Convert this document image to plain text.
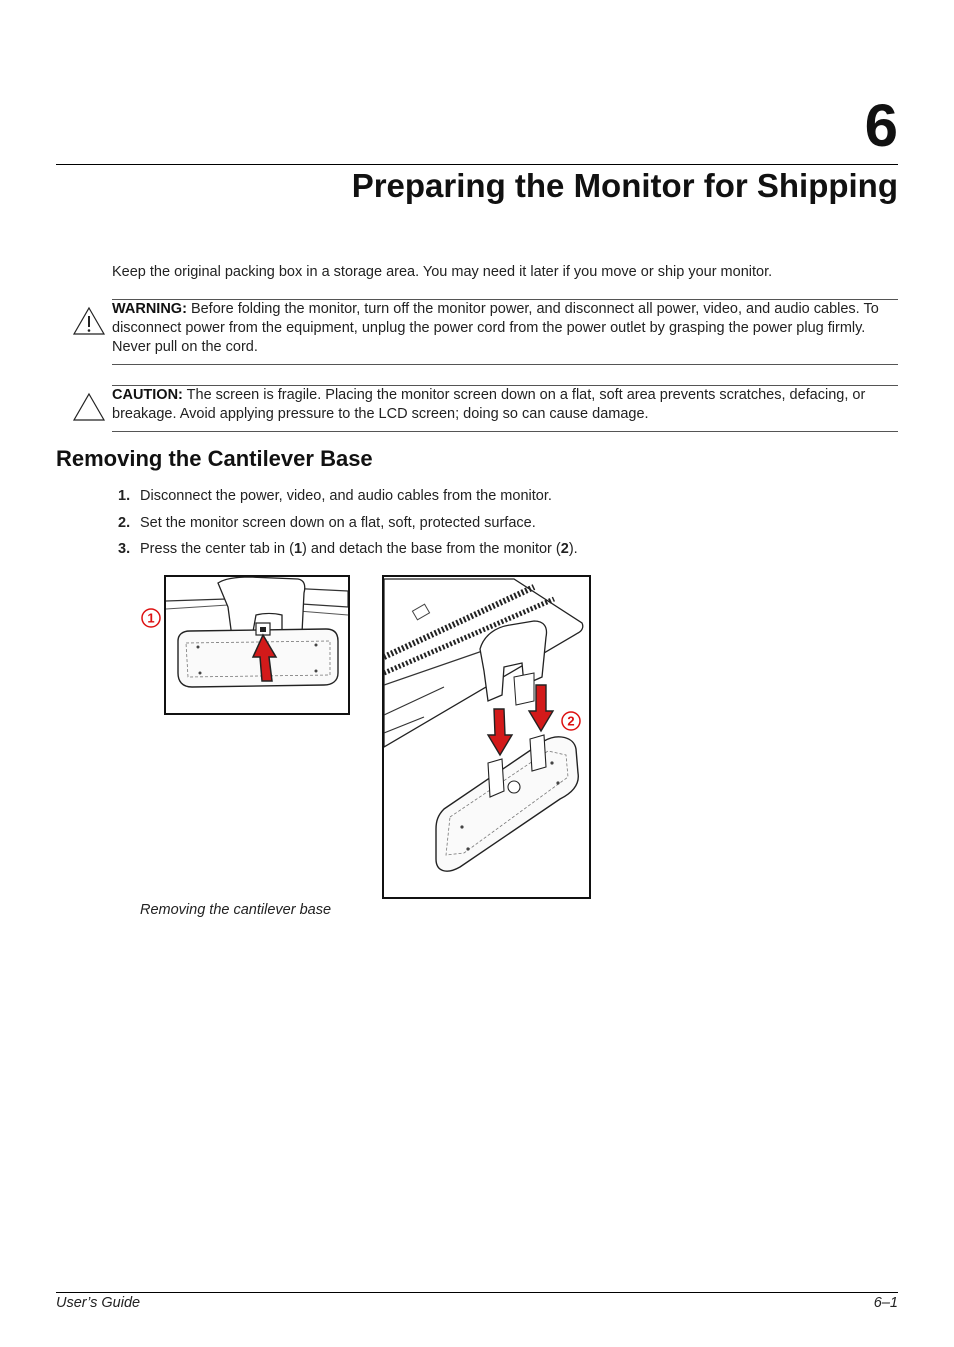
6
Preparing the Monitor for Shipping
Keep the original packing box in a storage area. You may need it later if you move or ship your monitor.
WARNING: Before folding the monitor, turn off the monitor power, and disconnect all power, video, and audio cables. To disconnect power from the equipment, unplug the power cord from the power outlet by grasping the power plug firmly. Never pull on the cord.
CAUTION: The screen is fragile. Placing the monitor screen down on a flat, soft area prevents scratches, defacing, or breakage. Avoid applying pressure to the LCD screen; doing so can cause damage.
Removing the Cantilever Base
1. Disconnect the power, video, and audio cables from the monitor.
2. Set the monitor screen down on a flat, soft, protected surface.
3. Press the center tab in (1) and detach the base from the monitor (2).
1
2
Removing the cantilever base
User’s Guide	6–1
